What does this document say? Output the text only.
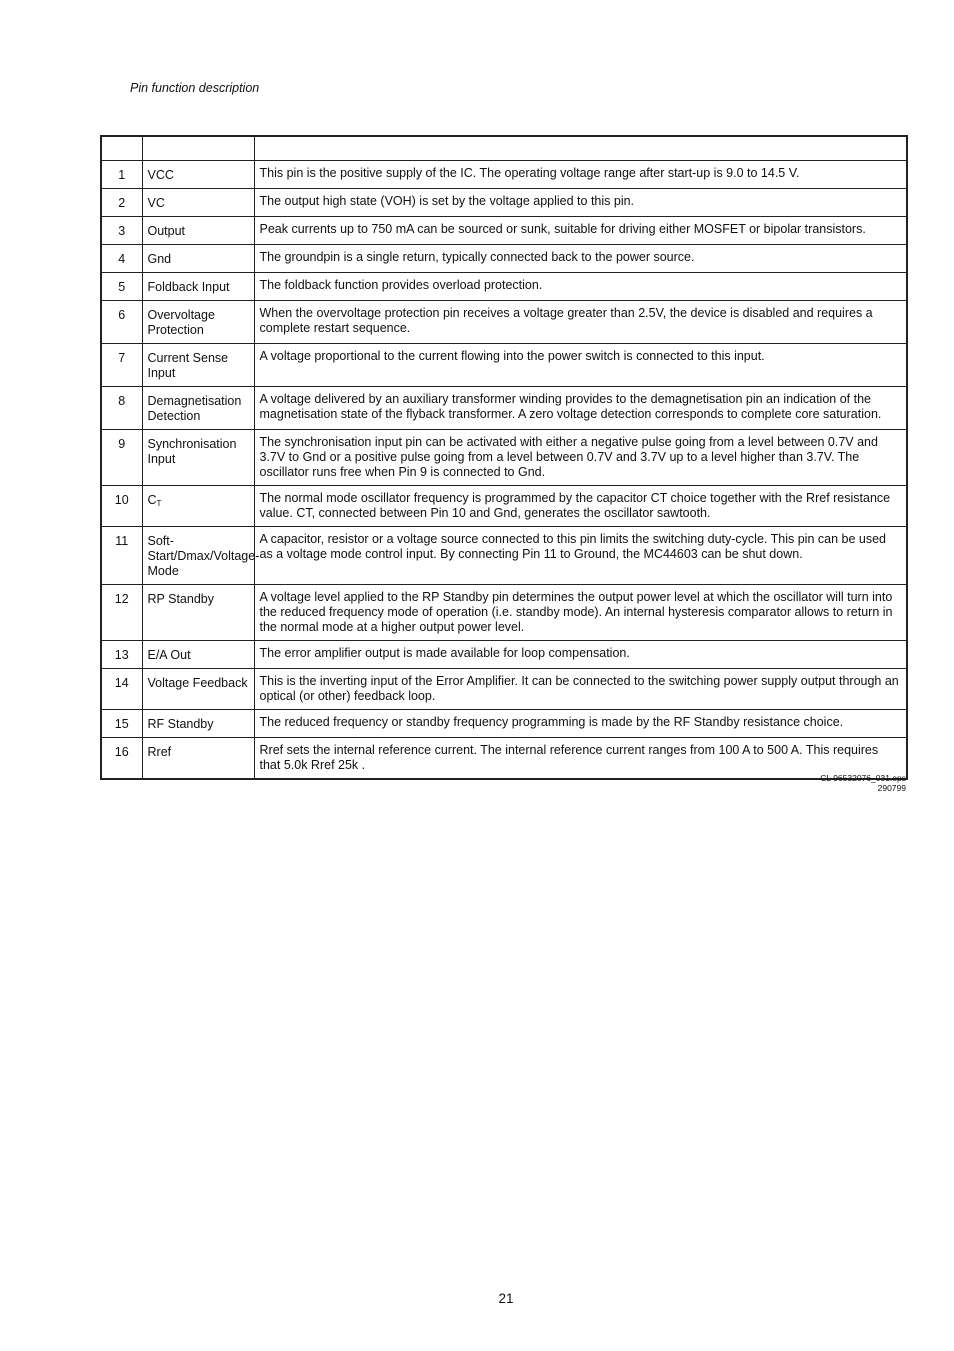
Pin function description

1	VCC	This pin is the positive supply of the IC. The operating voltage range after start-up is 9.0 to 14.5 V.
2	VC	The output high state (VOH) is set by the voltage applied to this pin.
3	Output	Peak currents up to 750 mA can be sourced or sunk, suitable for driving either MOSFET or bipolar transistors.
4	Gnd	The groundpin is a single return, typically connected back to the power source.
5	Foldback Input	The foldback function provides overload protection.
6	Overvoltage Protection	When the overvoltage protection pin receives a voltage greater than 2.5V, the device is disabled and requires a complete restart sequence.
7	Current Sense Input	A voltage proportional to the current flowing into the power switch is connected to this input.
8	Demagnetisation Detection	A voltage delivered by an auxiliary transformer winding provides to the demagnetisation pin an indication of the magnetisation state of the flyback transformer. A zero voltage detection corresponds to complete core saturation.
9	Synchronisation Input	The synchronisation input pin can be activated with either a negative pulse going from a level between 0.7V and 3.7V to Gnd or a positive pulse going from a level between 0.7V and 3.7V up to a level higher than 3.7V. The oscillator runs free when Pin 9 is connected to Gnd.
10	$C_T$	The normal mode oscillator frequency is programmed by the capacitor CT choice together with the Rref resistance value. CT, connected between Pin 10 and Gnd, generates the oscillator sawtooth.
11	Soft-Start/Dmax/Voltage-Mode	A capacitor, resistor or a voltage source connected to this pin limits the switching duty-cycle. This pin can be used as a voltage mode control input. By connecting Pin 11 to Ground, the MC44603 can be shut down.
12	RP Standby	A voltage level applied to the RP Standby pin determines the output power level at which the oscillator will turn into the reduced frequency mode of operation (i.e. standby mode). An internal hysteresis comparator allows to return in the normal mode at a higher output power level.
13	E/A Out	The error amplifier output is made available for loop compensation.
14	Voltage Feedback	This is the inverting input of the Error Amplifier. It can be connected to the switching power supply output through an optical (or other) feedback loop.
15	RF Standby	The reduced frequency or standby frequency programming is made by the RF Standby resistance choice.
16	Rref	Rref sets the internal reference current. The internal reference current ranges from 100 A to 500 A. This requires that 5.0k Rref 25k .
CL 96532076_031.eps
290799
21
